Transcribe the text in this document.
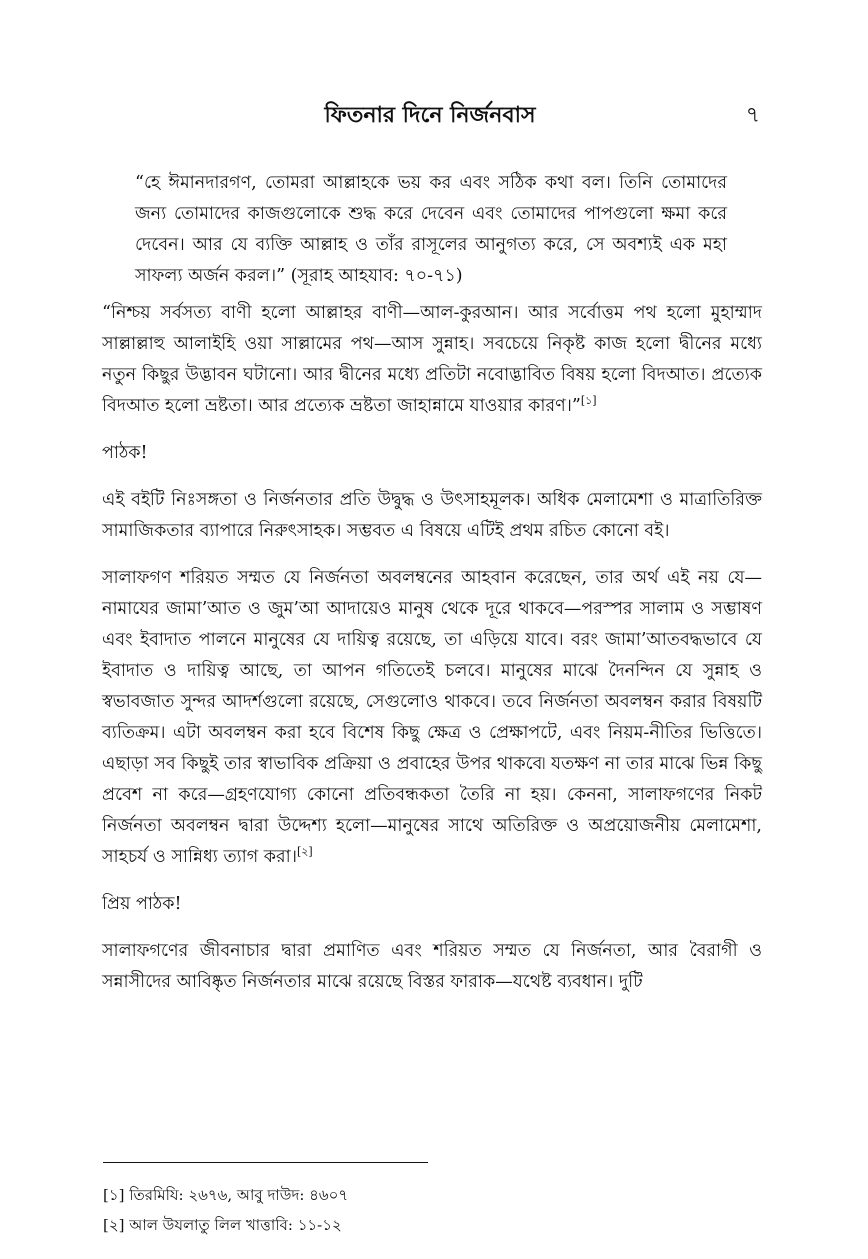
ফিতনার দিনে নির্জনবাস	৭
“হে ঈমানদারগণ, তোমরা আল্লাহকে ভয় কর এবং সঠিক কথা বল। তিনি তোমাদের জন্য তোমাদের কাজগুলোকে শুদ্ধ করে দেবেন এবং তোমাদের পাপগুলো ক্ষমা করে দেবেন। আর যে ব্যক্তি আল্লাহ ও তাঁর রাসূলের আনুগত্য করে, সে অবশ্যই এক মহা সাফল্য অর্জন করল।” (সূরাহ আহযাব: ৭০-৭১)

“নিশ্চয় সর্বসত্য বাণী হলো আল্লাহর বাণী—আল-কুরআন। আর সর্বোত্তম পথ হলো মুহাম্মাদ সাল্লাল্লাহু আলাইহি ওয়া সাল্লামের পথ—আস সুন্নাহ। সবচেয়ে নিকৃষ্ট কাজ হলো দ্বীনের মধ্যে নতুন কিছুর উদ্ভাবন ঘটানো। আর দ্বীনের মধ্যে প্রতিটা নবোদ্ভাবিত বিষয় হলো বিদআত। প্রত্যেক বিদআত হলো ভ্রষ্টতা। আর প্রত্যেক ভ্রষ্টতা জাহান্নামে যাওয়ার কারণ।”[১]

পাঠক!

এই বইটি নিঃসঙ্গতা ও নির্জনতার প্রতি উদ্বুদ্ধ ও উৎসাহমূলক। অধিক মেলামেশা ও মাত্রাতিরিক্ত সামাজিকতার ব্যাপারে নিরুৎসাহক। সম্ভবত এ বিষয়ে এটিই প্রথম রচিত কোনো বই।

সালাফগণ শরিয়ত সম্মত যে নির্জনতা অবলম্বনের আহবান করেছেন, তার অর্থ এই নয় যে—নামাযের জামা’আত ও জুম’আ আদায়েও মানুষ থেকে দূরে থাকবে—পরস্পর সালাম ও সম্ভাষণ এবং ইবাদাত পালনে মানুষের যে দায়িত্ব রয়েছে, তা এড়িয়ে যাবে। বরং জামা’আতবদ্ধভাবে যে ইবাদাত ও দায়িত্ব আছে, তা আপন গতিতেই চলবে। মানুষের মাঝে দৈনন্দিন যে সুন্নাহ ও স্বভাবজাত সুন্দর আদর্শগুলো রয়েছে, সেগুলোও থাকবে। তবে নির্জনতা অবলম্বন করার বিষয়টি ব্যতিক্রম। এটা অবলম্বন করা হবে বিশেষ কিছু ক্ষেত্র ও প্রেক্ষাপটে, এবং নিয়ম-নীতির ভিত্তিতে। এছাড়া সব কিছুই তার স্বাভাবিক প্রক্রিয়া ও প্রবাহের উপর থাকবে৷ যতক্ষণ না তার মাঝে ভিন্ন কিছু প্রবেশ না করে—গ্রহণযোগ্য কোনো প্রতিবন্ধকতা তৈরি না হয়। কেননা, সালাফগণের নিকট নির্জনতা অবলম্বন দ্বারা উদ্দেশ্য হলো—মানুষের সাথে অতিরিক্ত ও অপ্রয়োজনীয় মেলামেশা, সাহচর্য ও সান্নিধ্য ত্যাগ করা।[২]

প্রিয় পাঠক!

সালাফগণের জীবনাচার দ্বারা প্রমাণিত এবং শরিয়ত সম্মত যে নির্জনতা, আর বৈরাগী ও সন্নাসীদের আবিষ্কৃত নির্জনতার মাঝে রয়েছে বিস্তর ফারাক—যথেষ্ট ব্যবধান। দুটি

[১] তিরমিযি: ২৬৭৬, আবু দাউদ: ৪৬০৭

[২] আল উযলাতু লিল খাত্তাবি: ১১-১২
